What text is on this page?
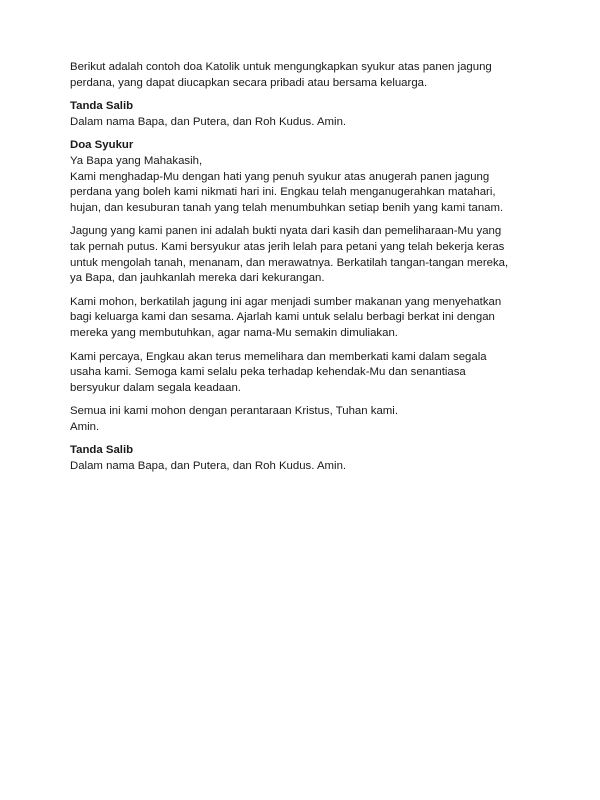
Berikut adalah contoh doa Katolik untuk mengungkapkan syukur atas panen jagung
perdana, yang dapat diucapkan secara pribadi atau bersama keluarga.
Tanda Salib
Dalam nama Bapa, dan Putera, dan Roh Kudus. Amin.
Doa Syukur
Ya Bapa yang Mahakasih,
Kami menghadap-Mu dengan hati yang penuh syukur atas anugerah panen jagung
perdana yang boleh kami nikmati hari ini. Engkau telah menganugerahkan matahari,
hujan, dan kesuburan tanah yang telah menumbuhkan setiap benih yang kami tanam.
Jagung yang kami panen ini adalah bukti nyata dari kasih dan pemeliharaan-Mu yang
tak pernah putus. Kami bersyukur atas jerih lelah para petani yang telah bekerja keras
untuk mengolah tanah, menanam, dan merawatnya. Berkatilah tangan-tangan mereka,
ya Bapa, dan jauhkanlah mereka dari kekurangan.
Kami mohon, berkatilah jagung ini agar menjadi sumber makanan yang menyehatkan
bagi keluarga kami dan sesama. Ajarlah kami untuk selalu berbagi berkat ini dengan
mereka yang membutuhkan, agar nama-Mu semakin dimuliakan.
Kami percaya, Engkau akan terus memelihara dan memberkati kami dalam segala
usaha kami. Semoga kami selalu peka terhadap kehendak-Mu dan senantiasa
bersyukur dalam segala keadaan.
Semua ini kami mohon dengan perantaraan Kristus, Tuhan kami.
Amin.
Tanda Salib
Dalam nama Bapa, dan Putera, dan Roh Kudus. Amin.
